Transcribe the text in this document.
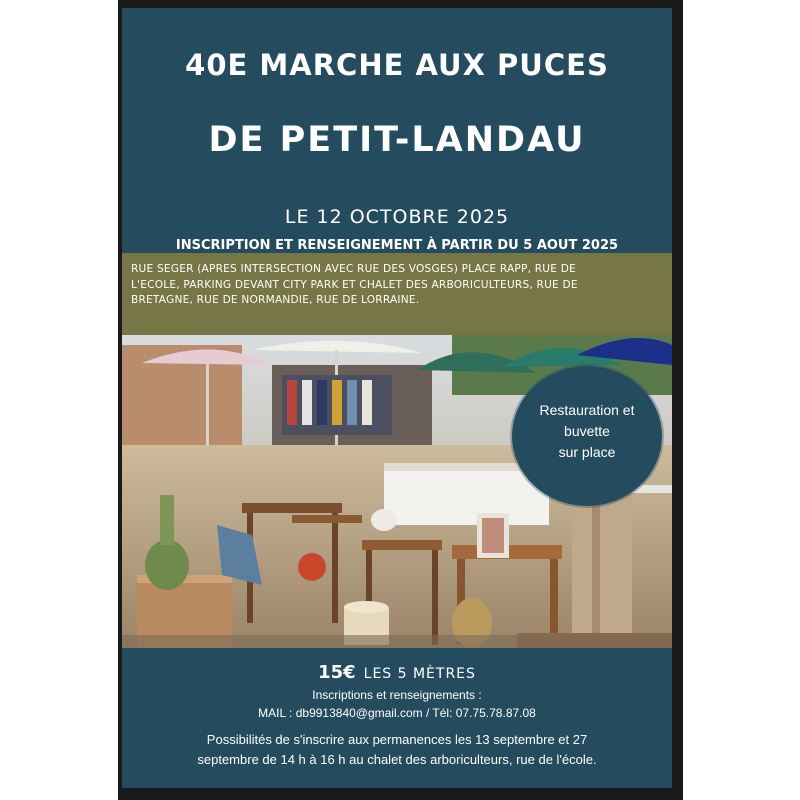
40E MARCHE AUX PUCES
DE PETIT-LANDAU

LE 12 OCTOBRE 2025

INSCRIPTION ET RENSEIGNEMENT À PARTIR DU 5 AOUT 2025

RUE SEGER (APRES INTERSECTION AVEC RUE DES VOSGES) PLACE RAPP, RUE DE
L'ECOLE, PARKING DEVANT CITY PARK ET CHALET DES ARBORICULTEURS, RUE DE
BRETAGNE, RUE DE NORMANDIE, RUE DE LORRAINE.

15€ LES 5 MÈTRES

Inscriptions et renseignements :

MAIL : db9913840@gmail.com / Tél: 07.75.78.87.08

Possibilités de s'inscrire aux permanences les 13 septembre et 27
septembre de 14 h à 16 h au chalet des arboriculteurs, rue de l'école.

Restauration et
buvette
sur place
